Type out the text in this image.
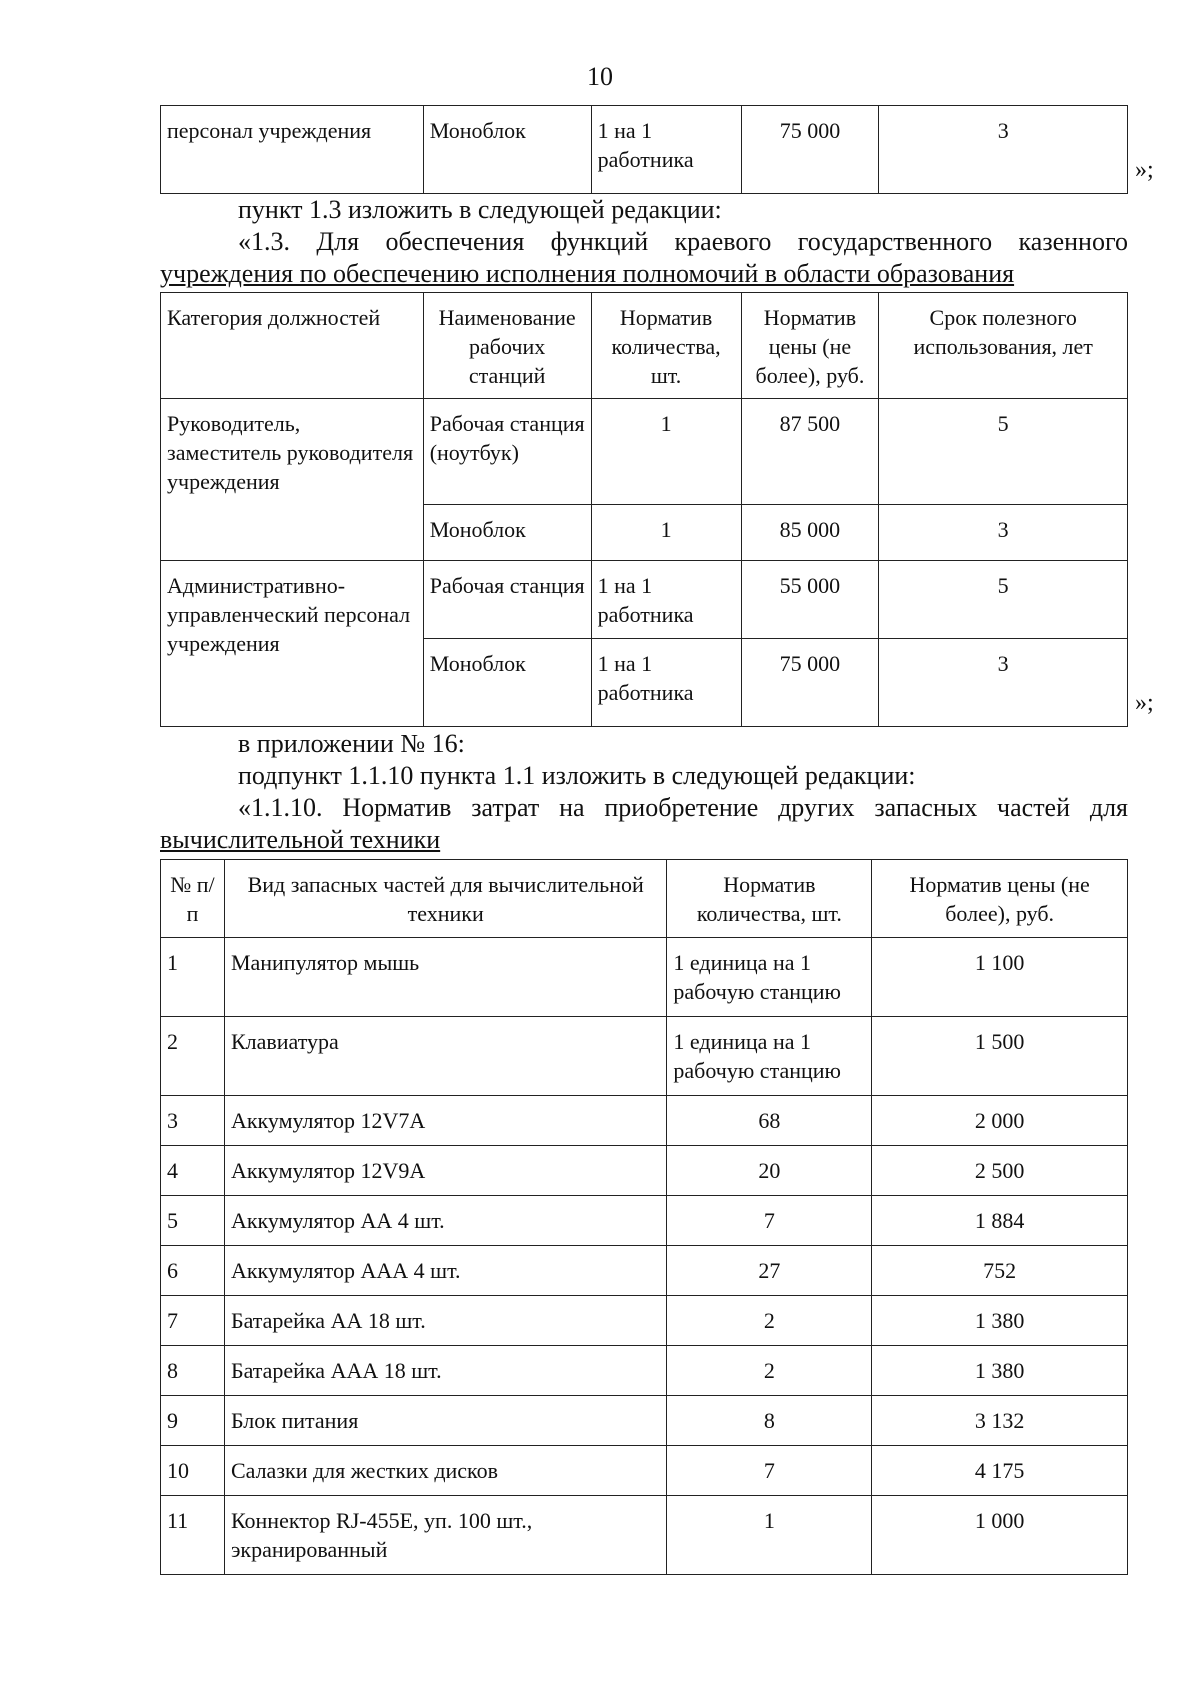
10
персонал учреждения	Моноблок	1 на 1 работника	75 000	3
»;

пункт 1.3 изложить в следующей редакции:

«1.3. Для обеспечения функций краевого государственного казенного

учреждения по обеспечению исполнения полномочий в области образования

Категория должностей	Наименование рабочих станций	Норматив количества, шт.	Норматив цены (не более), руб.	Срок полезного использования, лет
Руководитель, заместитель руководителя учреждения	Рабочая станция (ноутбук)	1	87 500	5
	Моноблок	1	85 000	3
Административно-управленческий персонал учреждения	Рабочая станция	1 на 1 работника	55 000	5
	Моноблок	1 на 1 работника	75 000	3
»;

в приложении № 16:

подпункт 1.1.10 пункта 1.1 изложить в следующей редакции:

«1.1.10. Норматив затрат на приобретение других запасных частей для

вычислительной техники

№ п/п	Вид запасных частей для вычислительной техники	Норматив количества, шт.	Норматив цены (не более), руб.
1	Манипулятор мышь	1 единица на 1 рабочую станцию	1 100
2	Клавиатура	1 единица на 1 рабочую станцию	1 500
3	Аккумулятор 12V7A	68	2 000
4	Аккумулятор 12V9A	20	2 500
5	Аккумулятор АА 4 шт.	7	1 884
6	Аккумулятор ААА 4 шт.	27	752
7	Батарейка АА 18 шт.	2	1 380
8	Батарейка ААА 18 шт.	2	1 380
9	Блок питания	8	3 132
10	Салазки для жестких дисков	7	4 175
11	Коннектор RJ-455E, уп. 100 шт., экранированный	1	1 000
